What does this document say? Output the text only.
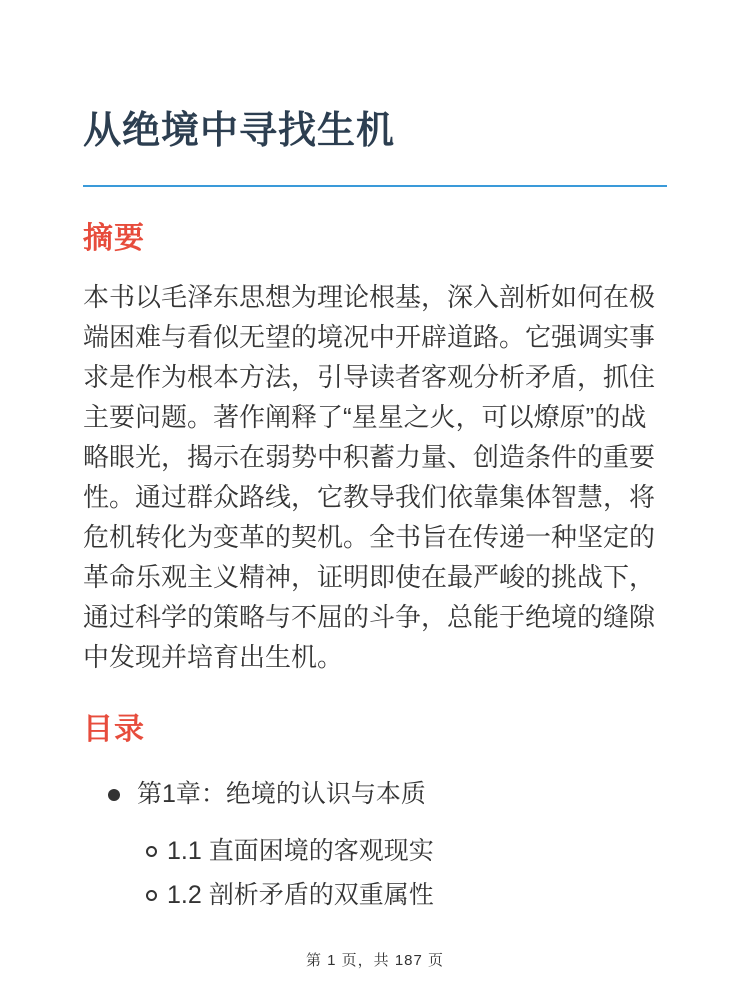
从绝境中寻找生机
摘要

本书以毛泽东思想为理论根基，深入剖析如何在极端困难与看似无望的境况中开辟道路。它强调实事求是作为根本方法，引导读者客观分析矛盾，抓住主要问题。著作阐释了“星星之火，可以燎原”的战略眼光，揭示在弱势中积蓄力量、创造条件的重要性。通过群众路线，它教导我们依靠集体智慧，将危机转化为变革的契机。全书旨在传递一种坚定的革命乐观主义精神，证明即使在最严峻的挑战下，通过科学的策略与不屈的斗争，总能于绝境的缝隙中发现并培育出生机。

目录
第1章：绝境的认识与本质
1.1 直面困境的客观现实
1.2 剖析矛盾的双重属性
第 1 页，共 187 页
